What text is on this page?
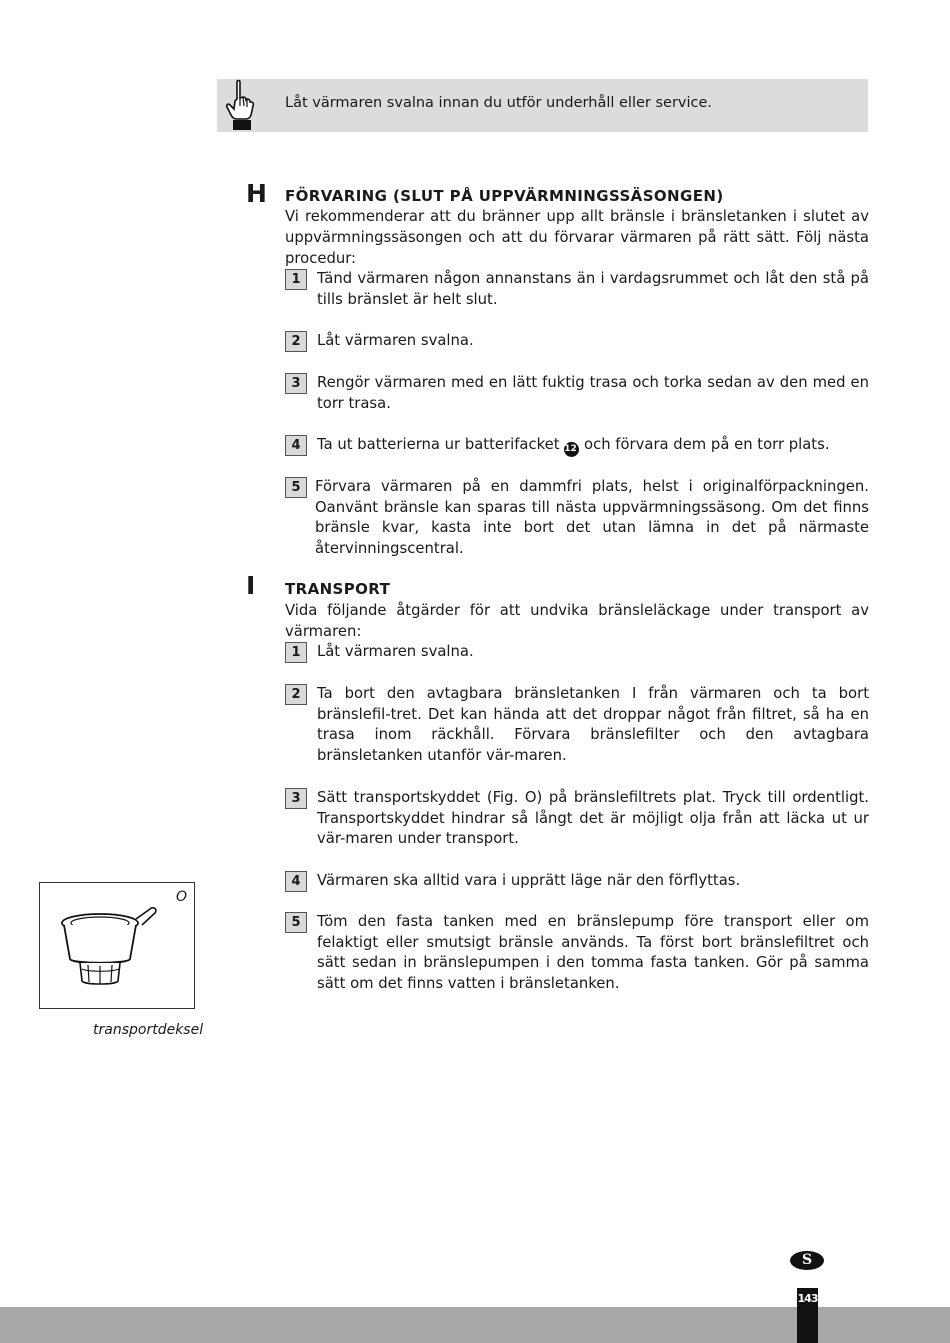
Låt värmaren svalna innan du utför underhåll eller service.
H FÖRVARING (SLUT PÅ UPPVÄRMNINGSSÄSONGEN)
Vi rekommenderar att du bränner upp allt bränsle i bränsletanken i slutet av uppvärmningssäsongen och att du förvarar värmaren på rätt sätt. Följ nästa procedur:
1	Tänd värmaren någon annanstans än i vardagsrummet och låt den stå på tills bränslet är helt slut.
2	Låt värmaren svalna.
3	Rengör värmaren med en lätt fuktig trasa och torka sedan av den med en torr trasa.
4	Ta ut batterierna ur batterifacket 12 och förvara dem på en torr plats.
5 Förvara värmaren på en dammfri plats, helst i originalförpackningen. Oanvänt bränsle kan sparas till nästa uppvärmningssäsong. Om det finns bränsle kvar, kasta inte bort det utan lämna in det på närmaste återvinningscentral.
I TRANSPORT
Vida följande åtgärder för att undvika bränsleläckage under transport av värmaren:
1	Låt värmaren svalna.
2	Ta bort den avtagbara bränsletanken I från värmaren och ta bort bränslefil-tret. Det kan hända att det droppar något från filtret, så ha en trasa inom räckhåll. Förvara bränslefilter och den avtagbara bränsletanken utanför vär-maren.
3	Sätt transportskyddet (Fig. O) på bränslefiltrets plat. Tryck till ordentligt. Transportskyddet hindrar så långt det är möjligt olja från att läcka ut ur vär-maren under transport.
4	Värmaren ska alltid vara i upprätt läge när den förflyttas.
5	Töm den fasta tanken med en bränslepump före transport eller om felaktigt eller smutsigt bränsle används. Ta först bort bränslefiltret och sätt sedan in bränslepumpen i den tomma fasta tanken. Gör på samma sätt om det finns vatten i bränsletanken.
O
transportdeksel
S
143
